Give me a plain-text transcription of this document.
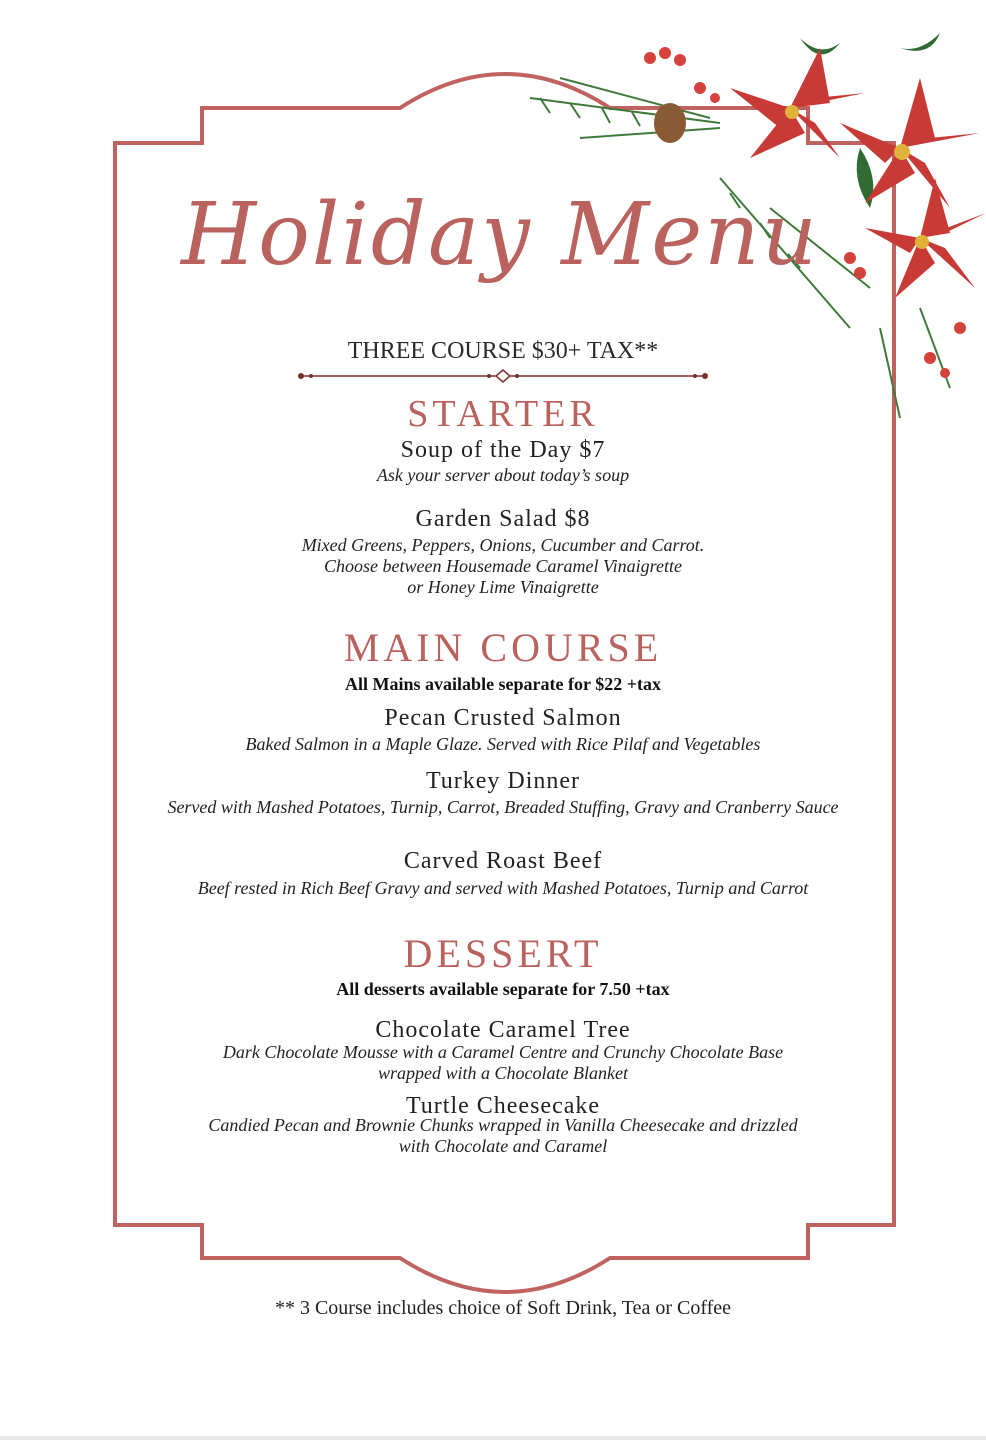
Holiday Menu
THREE COURSE $30+ TAX**
STARTER
Soup of the Day $7
Ask your server about today’s soup
Garden Salad $8
Mixed Greens, Peppers, Onions, Cucumber and Carrot.
Choose between Housemade Caramel Vinaigrette
or Honey Lime Vinaigrette
MAIN COURSE
All Mains available separate for $22 +tax
Pecan Crusted Salmon
Baked Salmon in a Maple Glaze. Served with Rice Pilaf and Vegetables
Turkey Dinner
Served with Mashed Potatoes, Turnip, Carrot, Breaded Stuffing, Gravy and Cranberry Sauce
Carved Roast Beef
Beef rested in Rich Beef Gravy and served with Mashed Potatoes, Turnip and Carrot
DESSERT
All desserts available separate for 7.50 +tax
Chocolate Caramel Tree
Dark Chocolate Mousse with a Caramel Centre and Crunchy Chocolate Base
wrapped with a Chocolate Blanket
Turtle Cheesecake
Candied Pecan and Brownie Chunks wrapped in Vanilla Cheesecake and drizzled
with Chocolate and Caramel
** 3 Course includes choice of Soft Drink, Tea or Coffee
